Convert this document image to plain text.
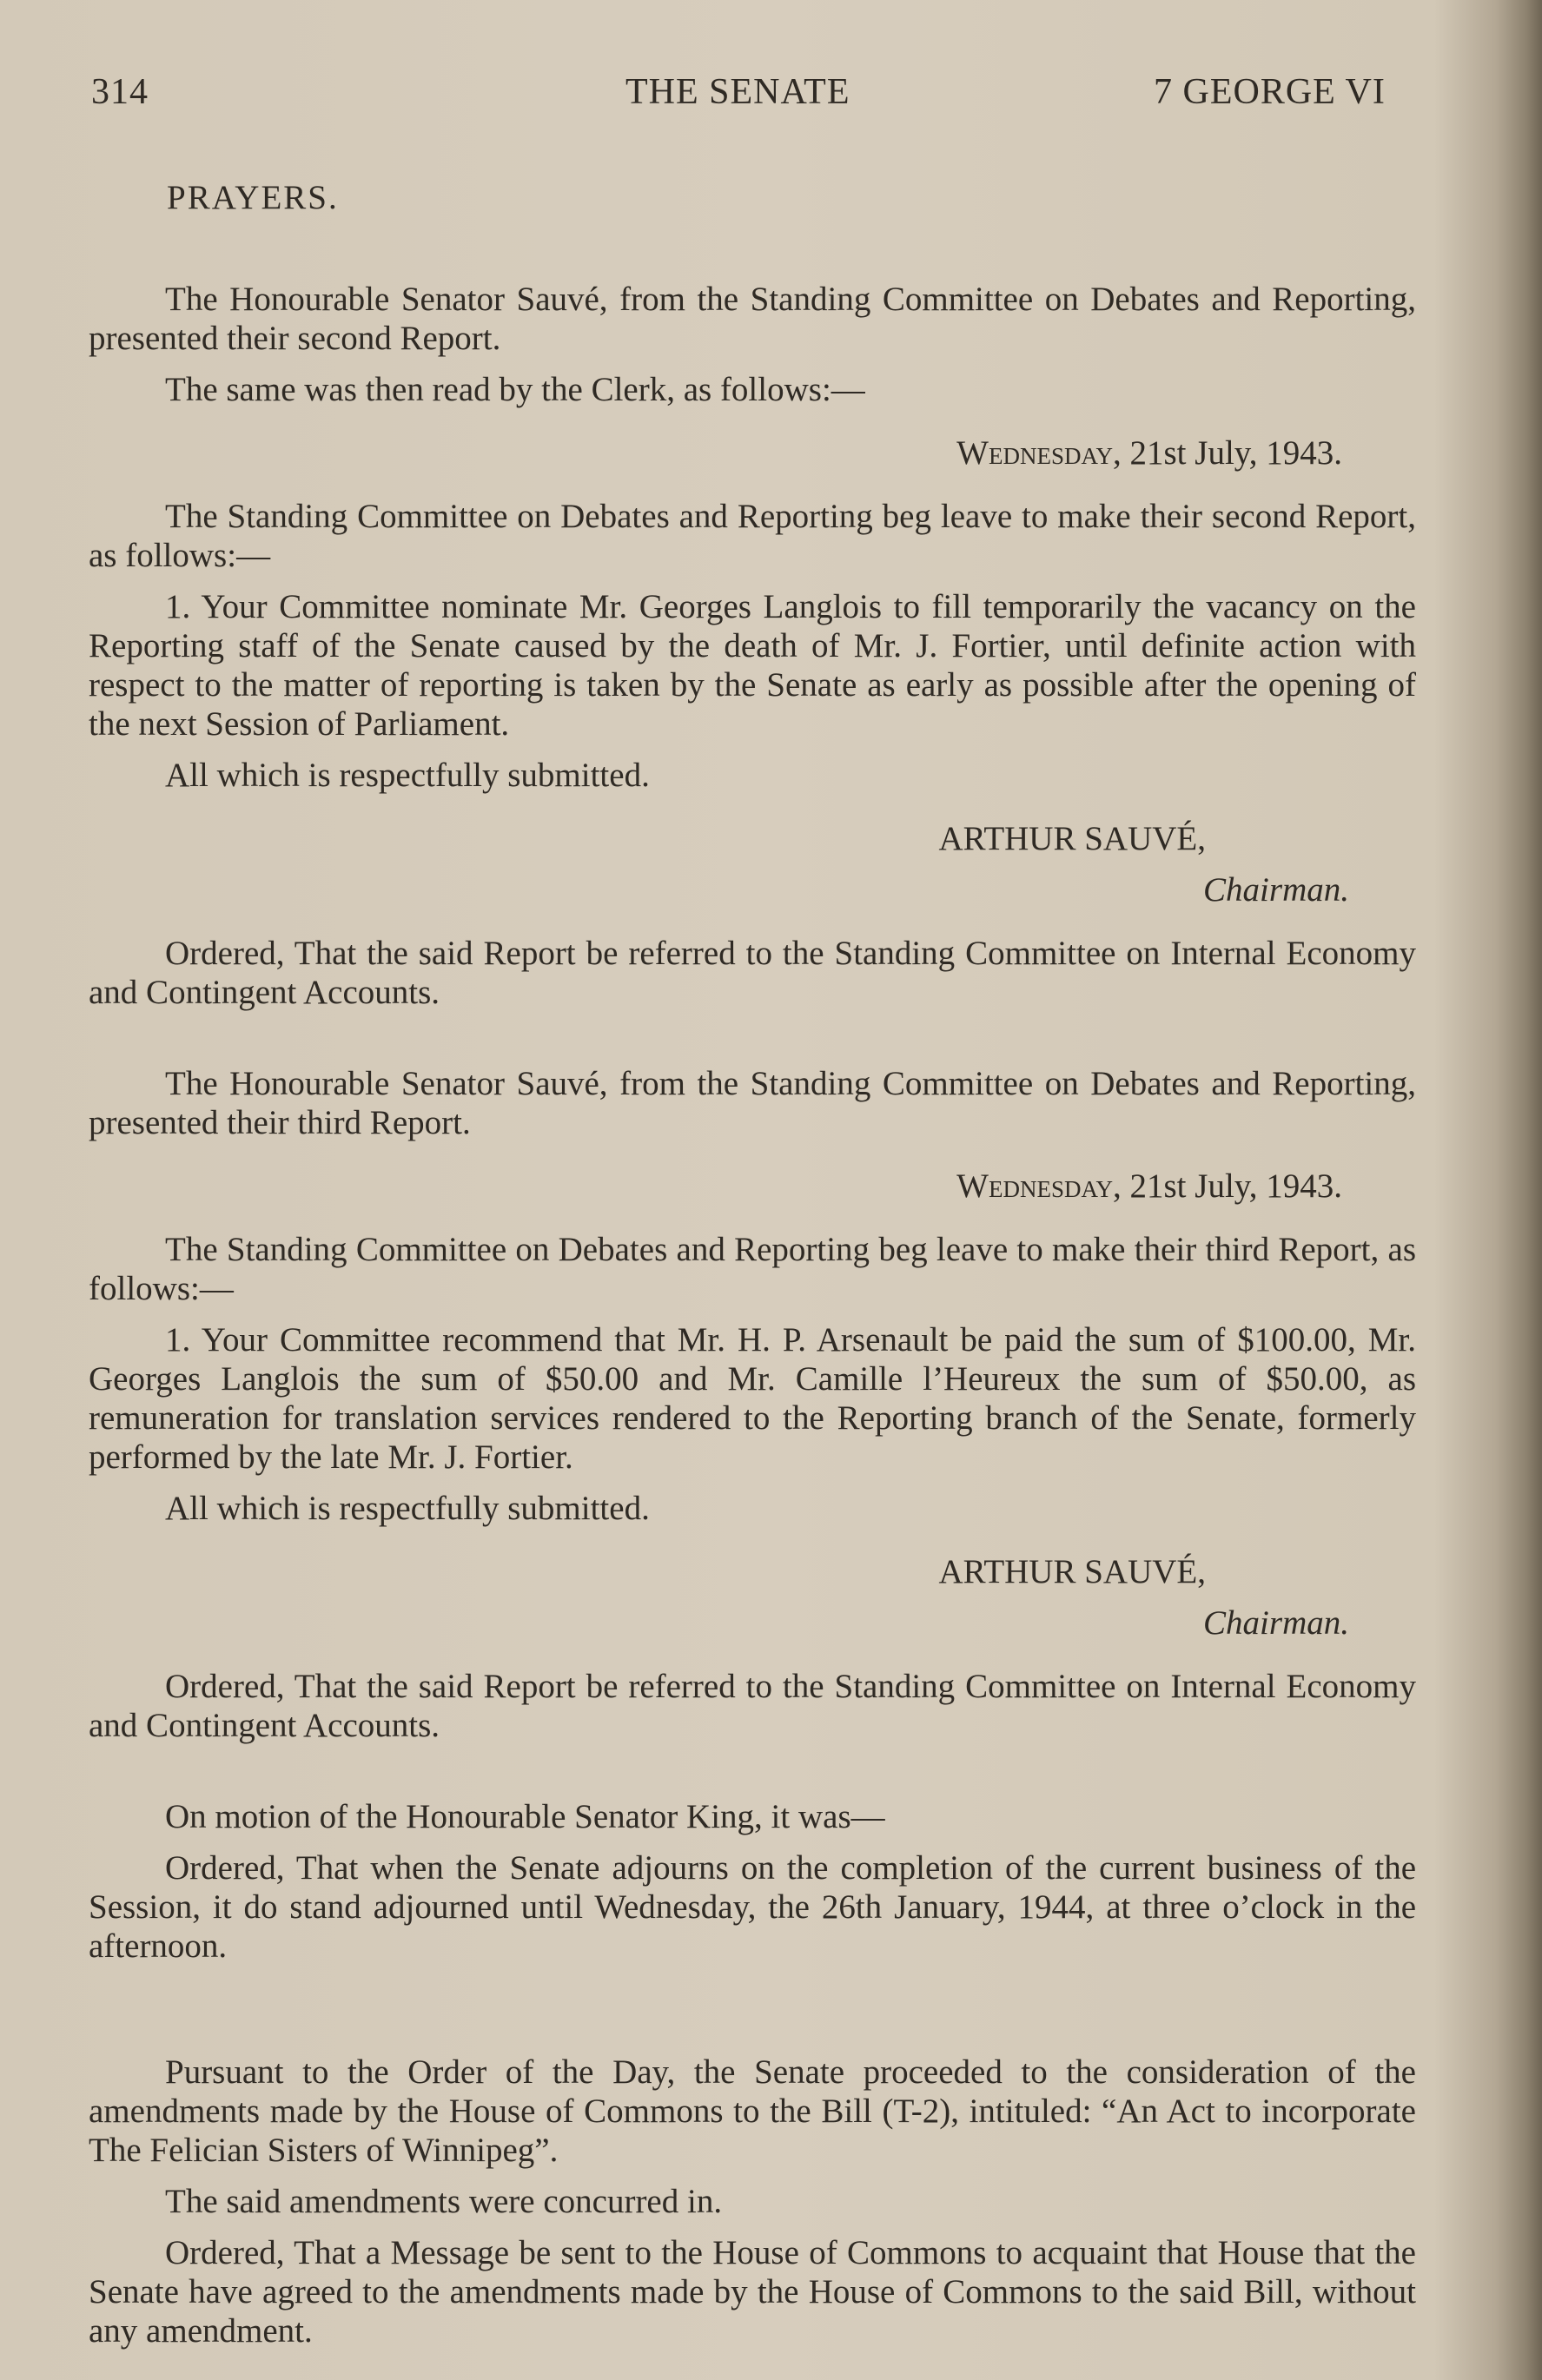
314	THE SENATE	7 GEORGE VI

PRAYERS.

The Honourable Senator Sauvé, from the Standing Committee on Debates and Reporting, presented their second Report.

The same was then read by the Clerk, as follows:—

Wednesday, 21st July, 1943.

The Standing Committee on Debates and Reporting beg leave to make their second Report, as follows:—

1. Your Committee nominate Mr. Georges Langlois to fill temporarily the vacancy on the Reporting staff of the Senate caused by the death of Mr. J. Fortier, until definite action with respect to the matter of reporting is taken by the Senate as early as possible after the opening of the next Session of Parliament.

All which is respectfully submitted.

ARTHUR SAUVÉ,

Chairman.

Ordered, That the said Report be referred to the Standing Committee on Internal Economy and Contingent Accounts.

The Honourable Senator Sauvé, from the Standing Committee on Debates and Reporting, presented their third Report.

Wednesday, 21st July, 1943.

The Standing Committee on Debates and Reporting beg leave to make their third Report, as follows:—

1. Your Committee recommend that Mr. H. P. Arsenault be paid the sum of $100.00, Mr. Georges Langlois the sum of $50.00 and Mr. Camille l’Heureux the sum of $50.00, as remuneration for translation services rendered to the Reporting branch of the Senate, formerly performed by the late Mr. J. Fortier.

All which is respectfully submitted.

ARTHUR SAUVÉ,

Chairman.

Ordered, That the said Report be referred to the Standing Committee on Internal Economy and Contingent Accounts.

On motion of the Honourable Senator King, it was—

Ordered, That when the Senate adjourns on the completion of the current business of the Session, it do stand adjourned until Wednesday, the 26th January, 1944, at three o’clock in the afternoon.

Pursuant to the Order of the Day, the Senate proceeded to the consideration of the amendments made by the House of Commons to the Bill (T-2), intituled: “An Act to incorporate The Felician Sisters of Winnipeg”.

The said amendments were concurred in.

Ordered, That a Message be sent to the House of Commons to acquaint that House that the Senate have agreed to the amendments made by the House of Commons to the said Bill, without any amendment.
